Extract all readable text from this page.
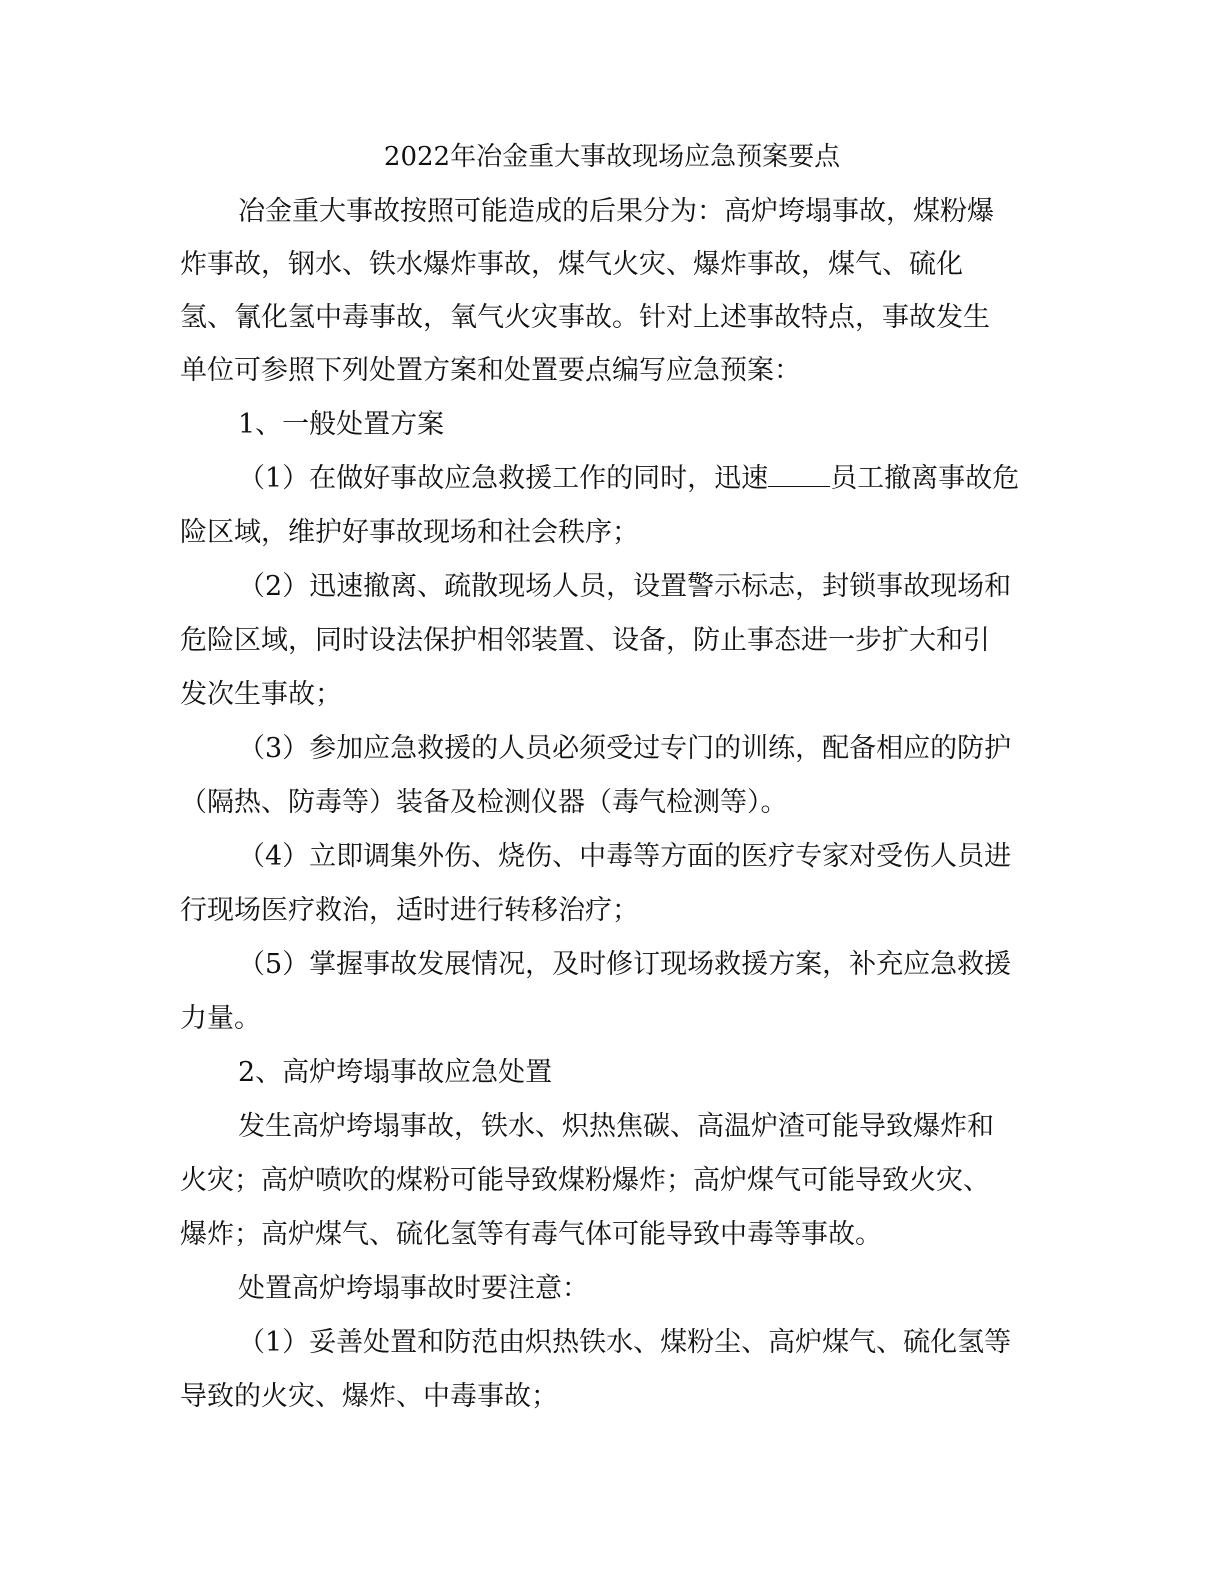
2022年冶金重大事故现场应急预案要点
冶金重大事故按照可能造成的后果分为：高炉垮塌事故，煤粉爆
炸事故，钢水、铁水爆炸事故，煤气火灾、爆炸事故，煤气、硫化
氢、氰化氢中毒事故，氧气火灾事故。针对上述事故特点，事故发生
单位可参照下列处置方案和处置要点编写应急预案：
1、一般处置方案
（1）在做好事故应急救援工作的同时，迅速 员工撤离事故危
险区域，维护好事故现场和社会秩序；
（2）迅速撤离、疏散现场人员，设置警示标志，封锁事故现场和
危险区域，同时设法保护相邻装置、设备，防止事态进一步扩大和引
发次生事故；
（3）参加应急救援的人员必须受过专门的训练，配备相应的防护
（隔热、防毒等）装备及检测仪器（毒气检测等）。
（4）立即调集外伤、烧伤、中毒等方面的医疗专家对受伤人员进
行现场医疗救治，适时进行转移治疗；
（5）掌握事故发展情况，及时修订现场救援方案，补充应急救援
力量。
2、高炉垮塌事故应急处置
发生高炉垮塌事故，铁水、炽热焦碳、高温炉渣可能导致爆炸和
火灾；高炉喷吹的煤粉可能导致煤粉爆炸；高炉煤气可能导致火灾、
爆炸；高炉煤气、硫化氢等有毒气体可能导致中毒等事故。
处置高炉垮塌事故时要注意：
（1）妥善处置和防范由炽热铁水、煤粉尘、高炉煤气、硫化氢等
导致的火灾、爆炸、中毒事故；
